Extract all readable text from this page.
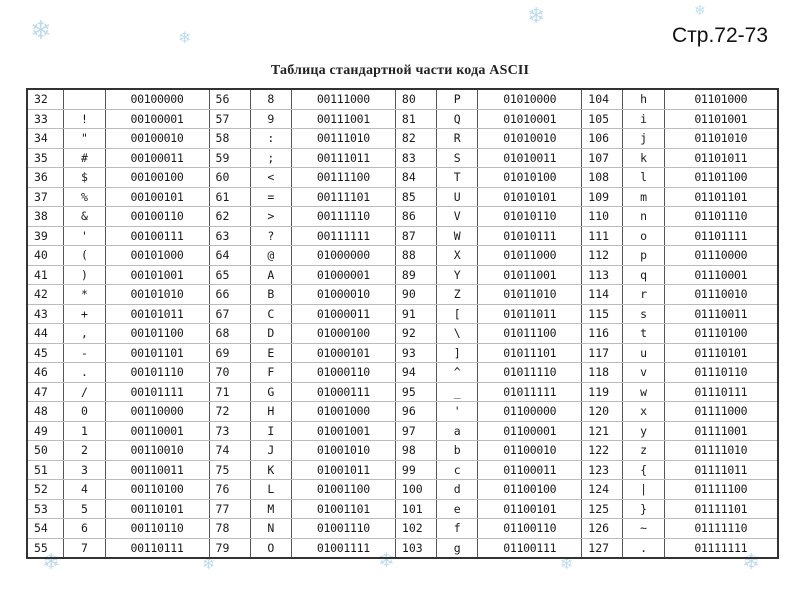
❄	❄
❄	❄
❄	❄	❄	❄	❄
Стр.72-73
Таблица стандартной части кода ASCII
32		00100000	56	8	00111000	80	P	01010000	104	h	01101000
33	!	00100001	57	9	00111001	81	Q	01010001	105	i	01101001
34	"	00100010	58	:	00111010	82	R	01010010	106	j	01101010
35	#	00100011	59	;	00111011	83	S	01010011	107	k	01101011
36	$	00100100	60	<	00111100	84	T	01010100	108	l	01101100
37	%	00100101	61	=	00111101	85	U	01010101	109	m	01101101
38	&	00100110	62	>	00111110	86	V	01010110	110	n	01101110
39	'	00100111	63	?	00111111	87	W	01010111	111	o	01101111
40	(	00101000	64	@	01000000	88	X	01011000	112	p	01110000
41	)	00101001	65	A	01000001	89	Y	01011001	113	q	01110001
42	*	00101010	66	B	01000010	90	Z	01011010	114	r	01110010
43	+	00101011	67	C	01000011	91	[	01011011	115	s	01110011
44	,	00101100	68	D	01000100	92	\	01011100	116	t	01110100
45	-	00101101	69	E	01000101	93	]	01011101	117	u	01110101
46	.	00101110	70	F	01000110	94	^	01011110	118	v	01110110
47	/	00101111	71	G	01000111	95	_	01011111	119	w	01110111
48	0	00110000	72	H	01001000	96	'	01100000	120	x	01111000
49	1	00110001	73	I	01001001	97	a	01100001	121	y	01111001
50	2	00110010	74	J	01001010	98	b	01100010	122	z	01111010
51	3	00110011	75	K	01001011	99	c	01100011	123	{	01111011
52	4	00110100	76	L	01001100	100	d	01100100	124	|	01111100
53	5	00110101	77	M	01001101	101	e	01100101	125	}	01111101
54	6	00110110	78	N	01001110	102	f	01100110	126	~	01111110
55	7	00110111	79	O	01001111	103	g	01100111	127	.	01111111
